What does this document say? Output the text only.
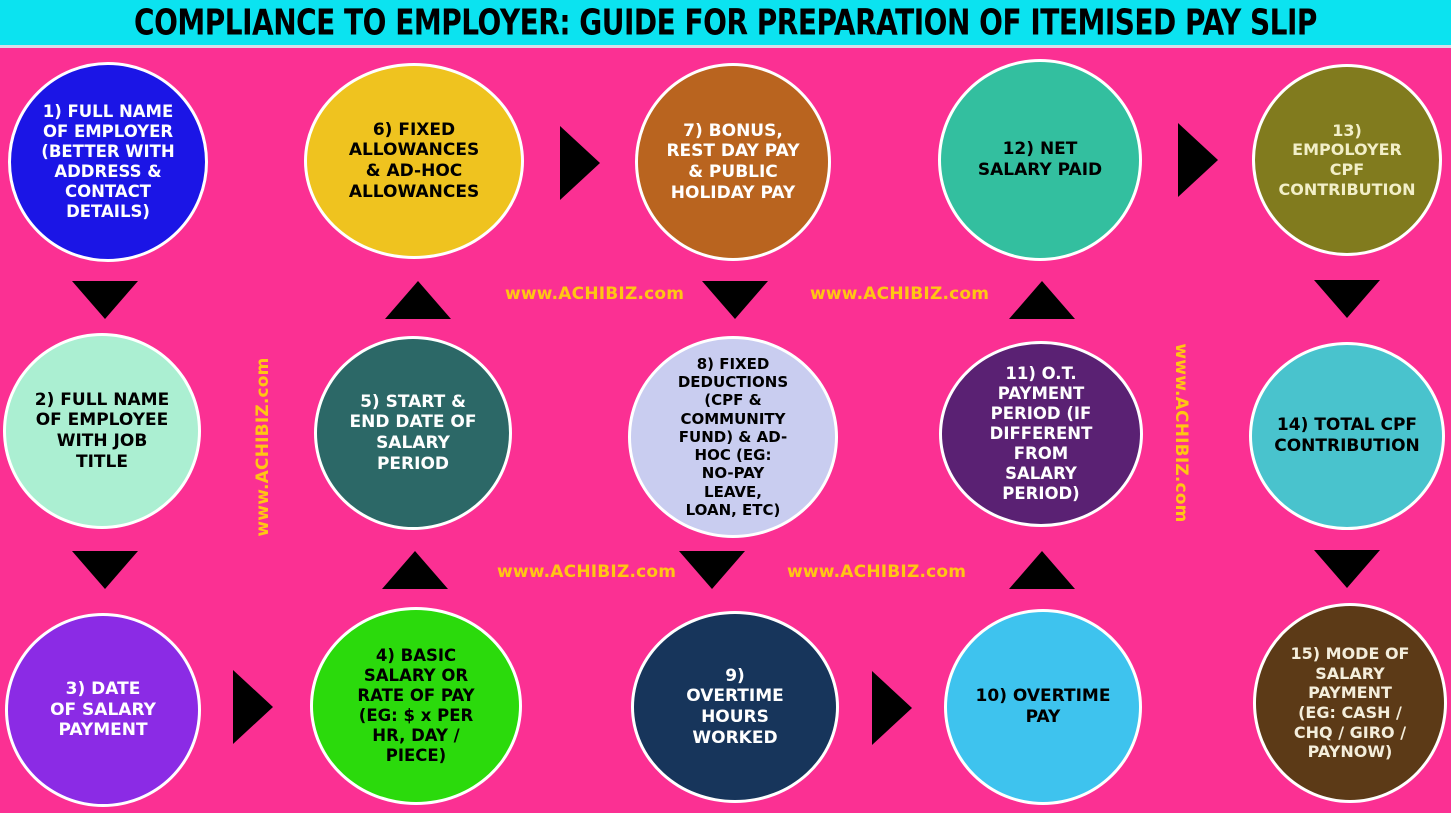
COMPLIANCE TO EMPLOYER: GUIDE FOR PREPARATION OF ITEMISED PAY SLIP
1) FULL NAME OF EMPLOYER (BETTER WITH ADDRESS & CONTACT DETAILS)
6) FIXED ALLOWANCES & AD-HOC ALLOWANCES
7) BONUS, REST DAY PAY & PUBLIC HOLIDAY PAY
12) NET SALARY PAID
13) EMPOLOYER CPF CONTRIBUTION
2) FULL NAME OF EMPLOYEE WITH JOB TITLE
5) START & END DATE OF SALARY PERIOD
8) FIXED DEDUCTIONS (CPF & COMMUNITY FUND) & AD-HOC (EG: NO-PAY LEAVE, LOAN, ETC)
11) O.T. PAYMENT PERIOD (IF DIFFERENT FROM SALARY PERIOD)
14) TOTAL CPF CONTRIBUTION
3) DATE OF SALARY PAYMENT
4) BASIC SALARY OR RATE OF PAY (EG: $ x PER HR, DAY / PIECE)
9) OVERTIME HOURS WORKED
10) OVERTIME PAY
15) MODE OF SALARY PAYMENT (EG: CASH / CHQ / GIRO / PAYNOW)
www.ACHIBIZ.com	www.ACHIBIZ.com
www.ACHIBIZ.com	www.ACHIBIZ.com
www.ACHIBIZ.com	www.ACHIBIZ.com
